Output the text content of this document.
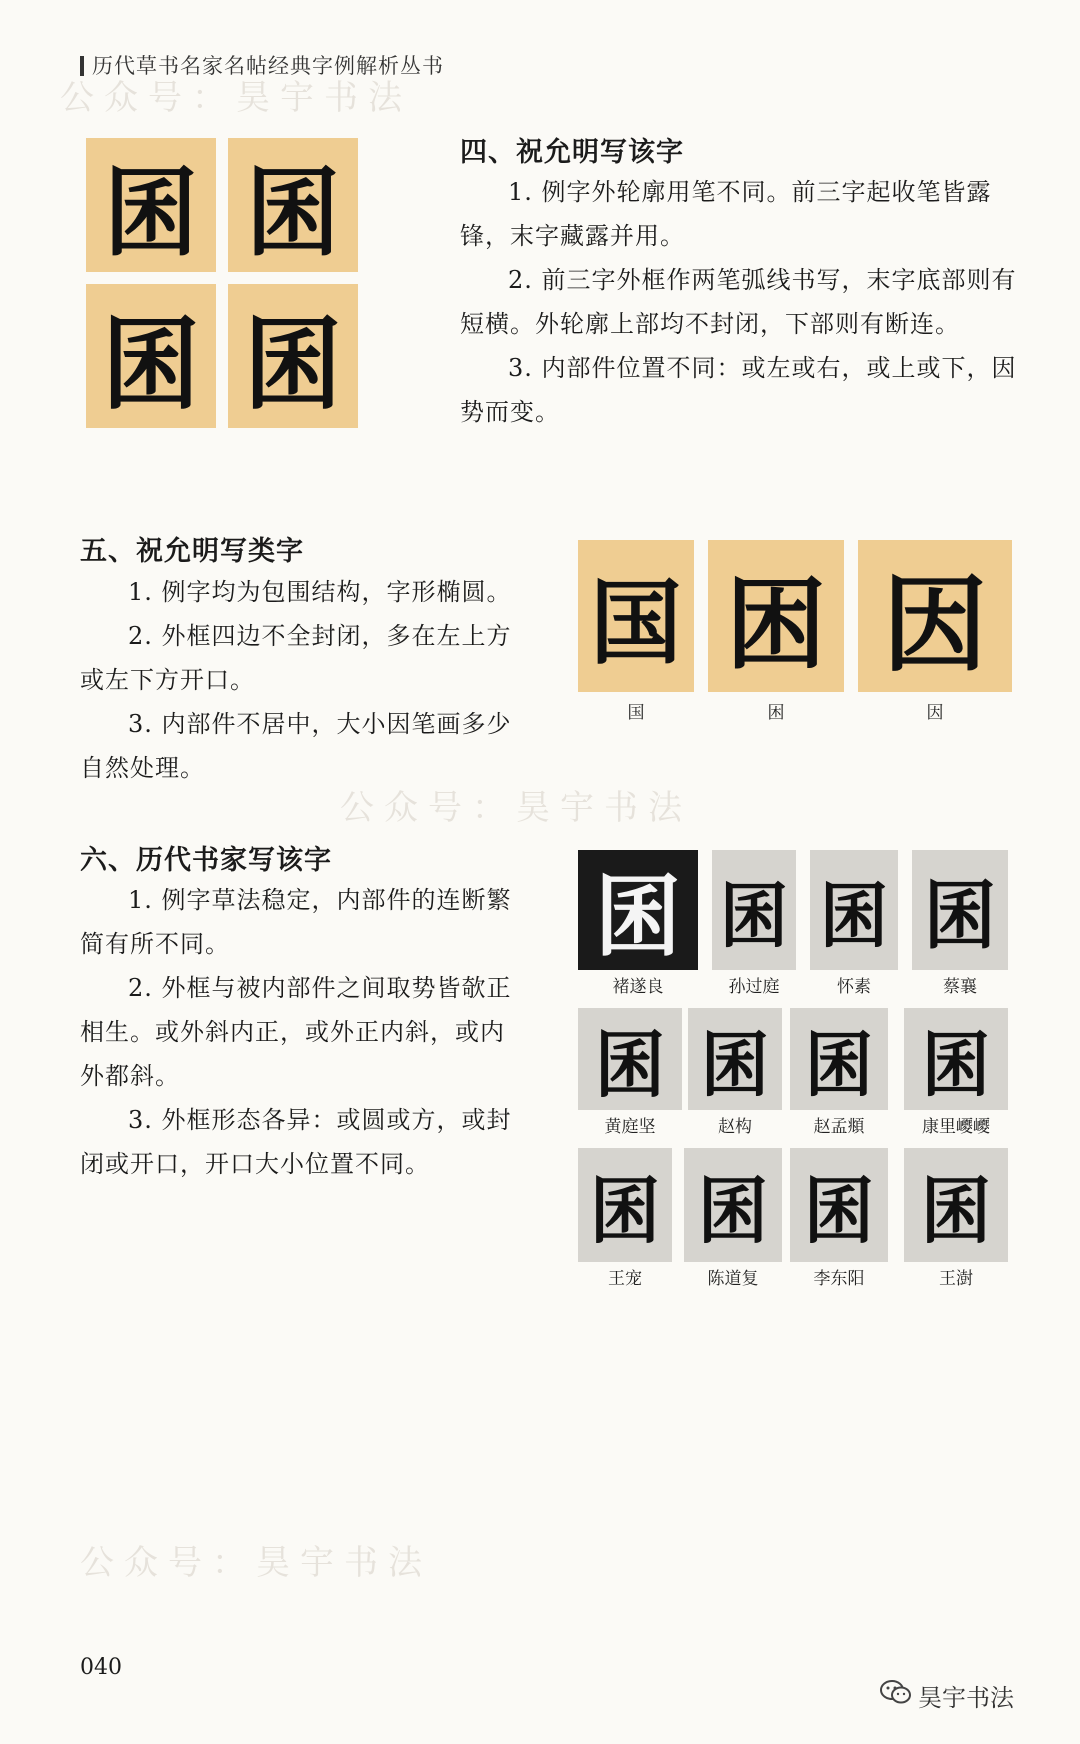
历代草书名家名帖经典字例解析丛书
公众号：昊宇书法
囷 囷
囷 囷
四、祝允明写该字

1. 例字外轮廓用笔不同。前三字起收笔皆露锋，末字藏露并用。

2. 前三字外框作两笔弧线书写，末字底部则有短横。外轮廓上部均不封闭，下部则有断连。

3. 内部件位置不同：或左或右，或上或下，因势而变。

五、祝允明写类字

1. 例字均为包围结构，字形椭圆。

2. 外框四边不全封闭，多在左上方或左下方开口。

3. 内部件不居中，大小因笔画多少自然处理。

国 困 因
国	困	因
公众号：昊宇书法
六、历代书家写该字

1. 例字草法稳定，内部件的连断繁简有所不同。

2. 外框与被内部件之间取势皆欹正相生。或外斜内正，或外正内斜，或内外都斜。

3. 外框形态各异：或圆或方，或封闭或开口，开口大小位置不同。

囷 囷 囷 囷
褚遂良	孙过庭	怀素	蔡襄
囷 囷 囷 囷
黄庭坚	赵构	赵孟頫	康里巎巎
囷 囷 囷 囷
王宠	陈道复	李东阳	王澍
公众号：昊宇书法
040
昊宇书法
